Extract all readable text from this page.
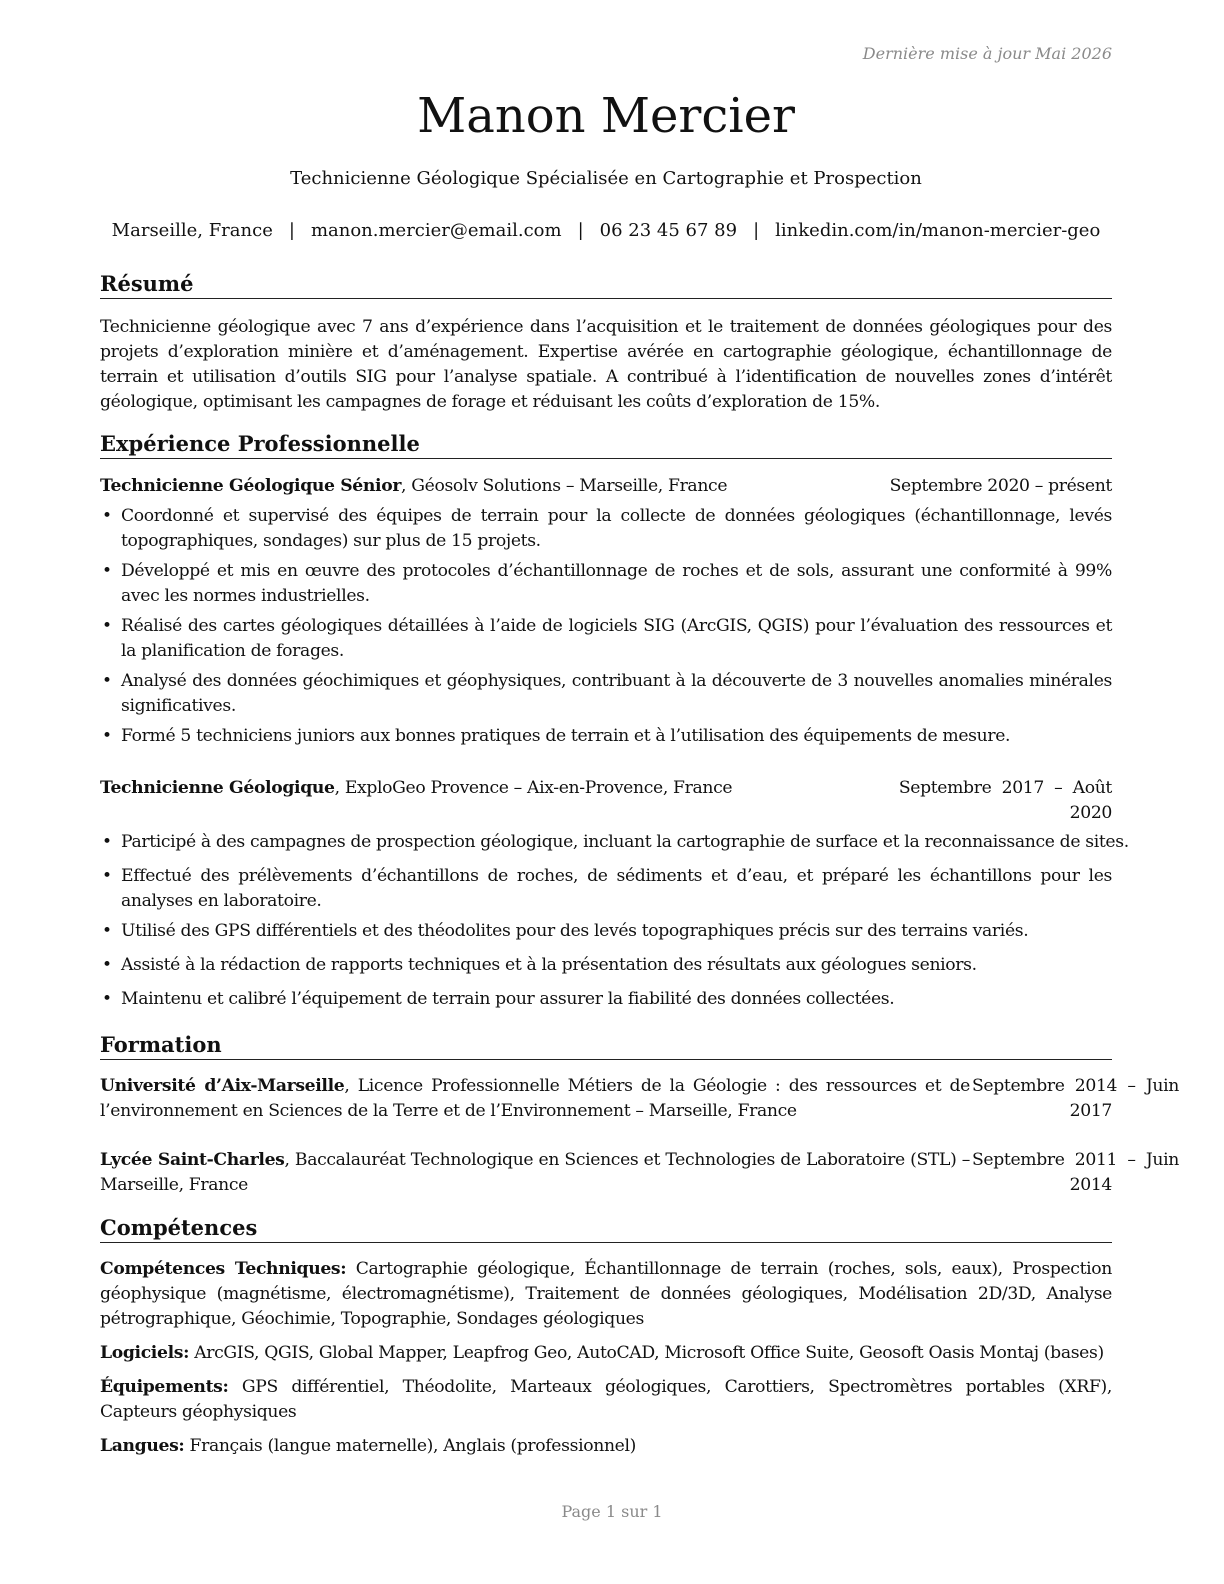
Dernière mise à jour Mai 2026
Manon Mercier
Technicienne Géologique Spécialisée en Cartographie et Prospection
Marseille, France | manon.mercier@email.com | 06 23 45 67 89 | linkedin.com/in/manon-mercier-geo
Résumé
Technicienne géologique avec 7 ans d’expérience dans l’acquisition et le traitement de données géologiques pour des projets d’exploration minière et d’aménagement. Expertise avérée en cartographie géologique, échantillonnage de terrain et utilisation d’outils SIG pour l’analyse spatiale. A contribué à l’identification de nouvelles zones d’intérêt géologique, optimisant les campagnes de forage et réduisant les coûts d’exploration de 15%.
Expérience Professionnelle
Technicienne Géologique Sénior, Géosolv Solutions – Marseille, France	Septembre 2020 – présent
• Coordonné et supervisé des équipes de terrain pour la collecte de données géologiques (échantillonnage, levés topographiques, sondages) sur plus de 15 projets.
• Développé et mis en œuvre des protocoles d’échantillonnage de roches et de sols, assurant une conformité à 99% avec les normes industrielles.
• Réalisé des cartes géologiques détaillées à l’aide de logiciels SIG (ArcGIS, QGIS) pour l’évaluation des ressources et la planification de forages.
• Analysé des données géochimiques et géophysiques, contribuant à la découverte de 3 nouvelles anomalies minérales significatives.
• Formé 5 techniciens juniors aux bonnes pratiques de terrain et à l’utilisation des équipements de mesure.
Technicienne Géologique, ExploGeo Provence – Aix-en-Provence, France	Septembre  2017  –  Août
2020
• Participé à des campagnes de prospection géologique, incluant la cartographie de surface et la reconnaissance de sites.
• Effectué des prélèvements d’échantillons de roches, de sédiments et d’eau, et préparé les échantillons pour les analyses en laboratoire.
• Utilisé des GPS différentiels et des théodolites pour des levés topographiques précis sur des terrains variés.
• Assisté à la rédaction de rapports techniques et à la présentation des résultats aux géologues seniors.
• Maintenu et calibré l’équipement de terrain pour assurer la fiabilité des données collectées.
Formation
Université d’Aix-Marseille, Licence Professionnelle Métiers de la Géologie : des ressources et de l’environnement en Sciences de la Terre et de l’Environnement – Marseille, France
Septembre  2014  –  Juin
2017
Lycée Saint-Charles, Baccalauréat Technologique en Sciences et Technologies de Laboratoire (STL) – Marseille, France
Septembre  2011  –  Juin
2014
Compétences
Compétences Techniques: Cartographie géologique, Échantillonnage de terrain (roches, sols, eaux), Prospection géophysique (magnétisme, électromagnétisme), Traitement de données géologiques, Modélisation 2D/3D, Analyse pétrographique, Géochimie, Topographie, Sondages géologiques
Logiciels: ArcGIS, QGIS, Global Mapper, Leapfrog Geo, AutoCAD, Microsoft Office Suite, Geosoft Oasis Montaj (bases)
Équipements: GPS différentiel, Théodolite, Marteaux géologiques, Carottiers, Spectromètres portables (XRF), Capteurs géophysiques
Langues: Français (langue maternelle), Anglais (professionnel)
Page 1 sur 1
